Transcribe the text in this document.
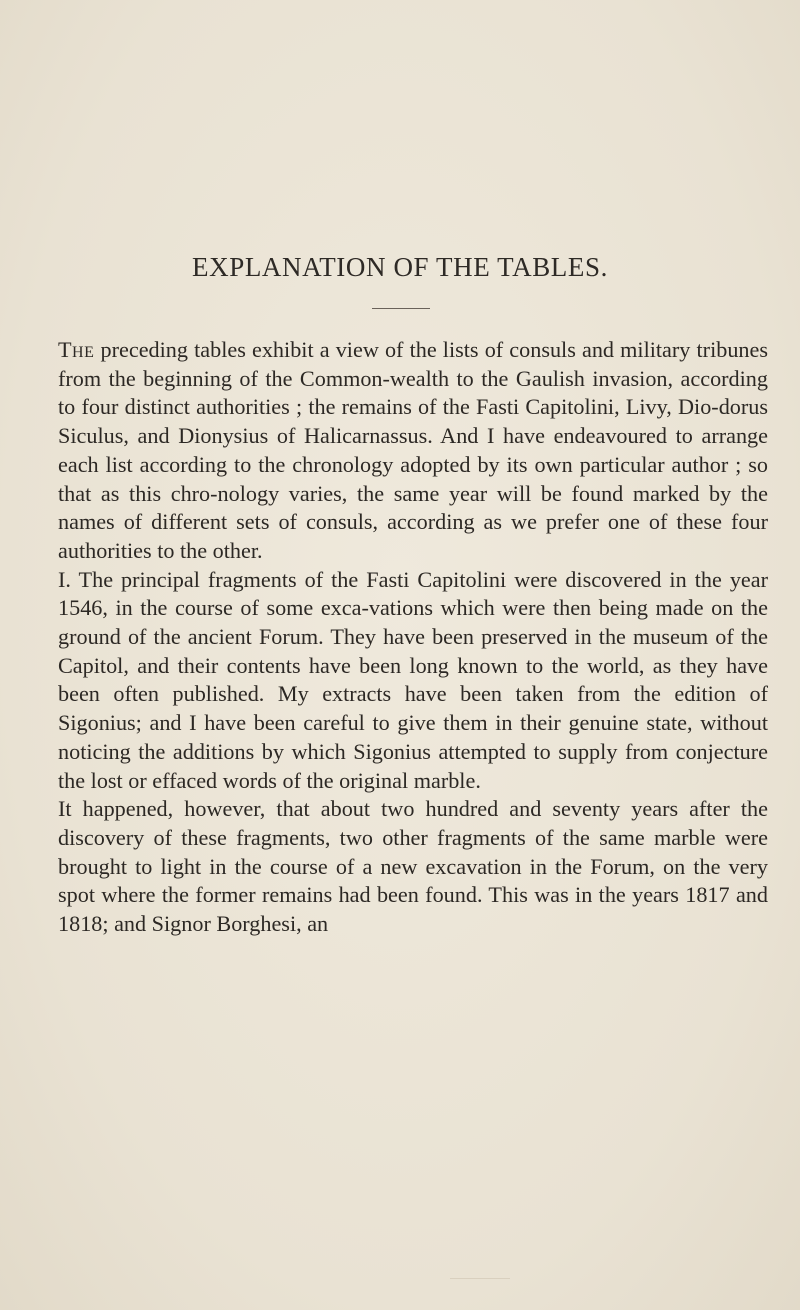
EXPLANATION OF THE TABLES.

The preceding tables exhibit a view of the lists of consuls and military tribunes from the beginning of the Common-wealth to the Gaulish invasion, according to four distinct authorities ; the remains of the Fasti Capitolini, Livy, Dio-dorus Siculus, and Dionysius of Halicarnassus. And I have endeavoured to arrange each list according to the chronology adopted by its own particular author ; so that as this chro-nology varies, the same year will be found marked by the names of different sets of consuls, according as we prefer one of these four authorities to the other.

I. The principal fragments of the Fasti Capitolini were discovered in the year 1546, in the course of some exca-vations which were then being made on the ground of the ancient Forum. They have been preserved in the museum of the Capitol, and their contents have been long known to the world, as they have been often published. My extracts have been taken from the edition of Sigonius; and I have been careful to give them in their genuine state, without noticing the additions by which Sigonius attempted to supply from conjecture the lost or effaced words of the original marble.

It happened, however, that about two hundred and seventy years after the discovery of these fragments, two other fragments of the same marble were brought to light in the course of a new excavation in the Forum, on the very spot where the former remains had been found. This was in the years 1817 and 1818; and Signor Borghesi, an
